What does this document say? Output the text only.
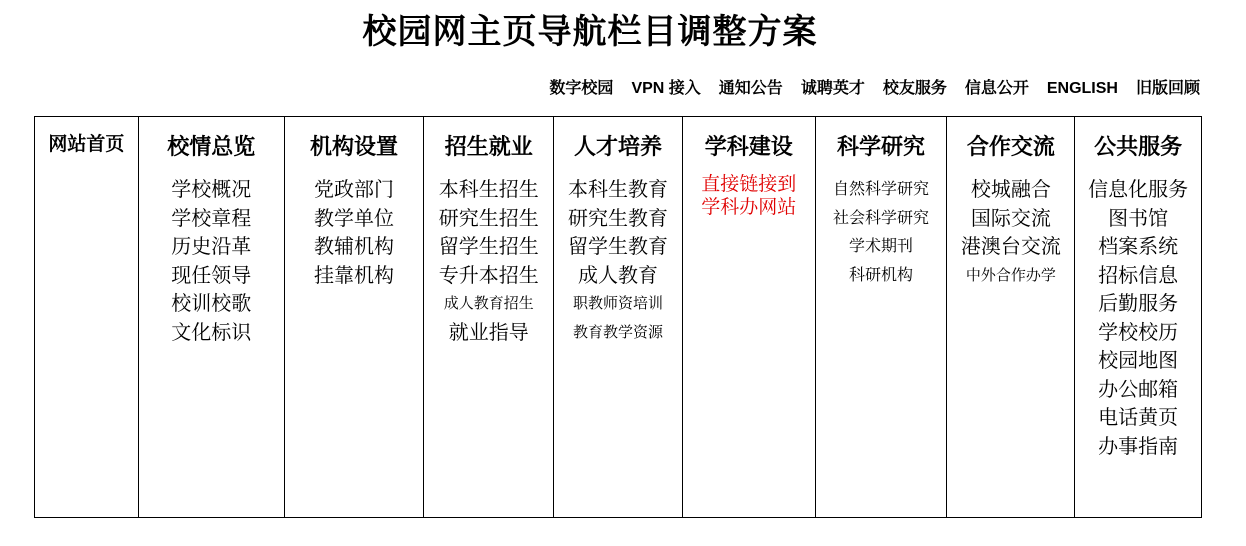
校园网主页导航栏目调整方案
数字校园 VPN 接入 通知公告 诚聘英才 校友服务 信息公开 ENGLISH 旧版回顾
网站首页	校情总览
学校概况
学校章程
历史沿革
现任领导
校训校歌
文化标识
机构设置
党政部门
教学单位
教辅机构
挂靠机构
招生就业
本科生招生
研究生招生
留学生招生
专升本招生
成人教育招生
就业指导
人才培养
本科生教育
研究生教育
留学生教育
成人教育
职教师资培训
教育教学资源
学科建设
直接链接到
学科办网站
科学研究
自然科学研究
社会科学研究
学术期刊
科研机构
合作交流
校城融合
国际交流
港澳台交流
中外合作办学
公共服务
信息化服务
图书馆
档案系统
招标信息
后勤服务
学校校历
校园地图
办公邮箱
电话黄页
办事指南
